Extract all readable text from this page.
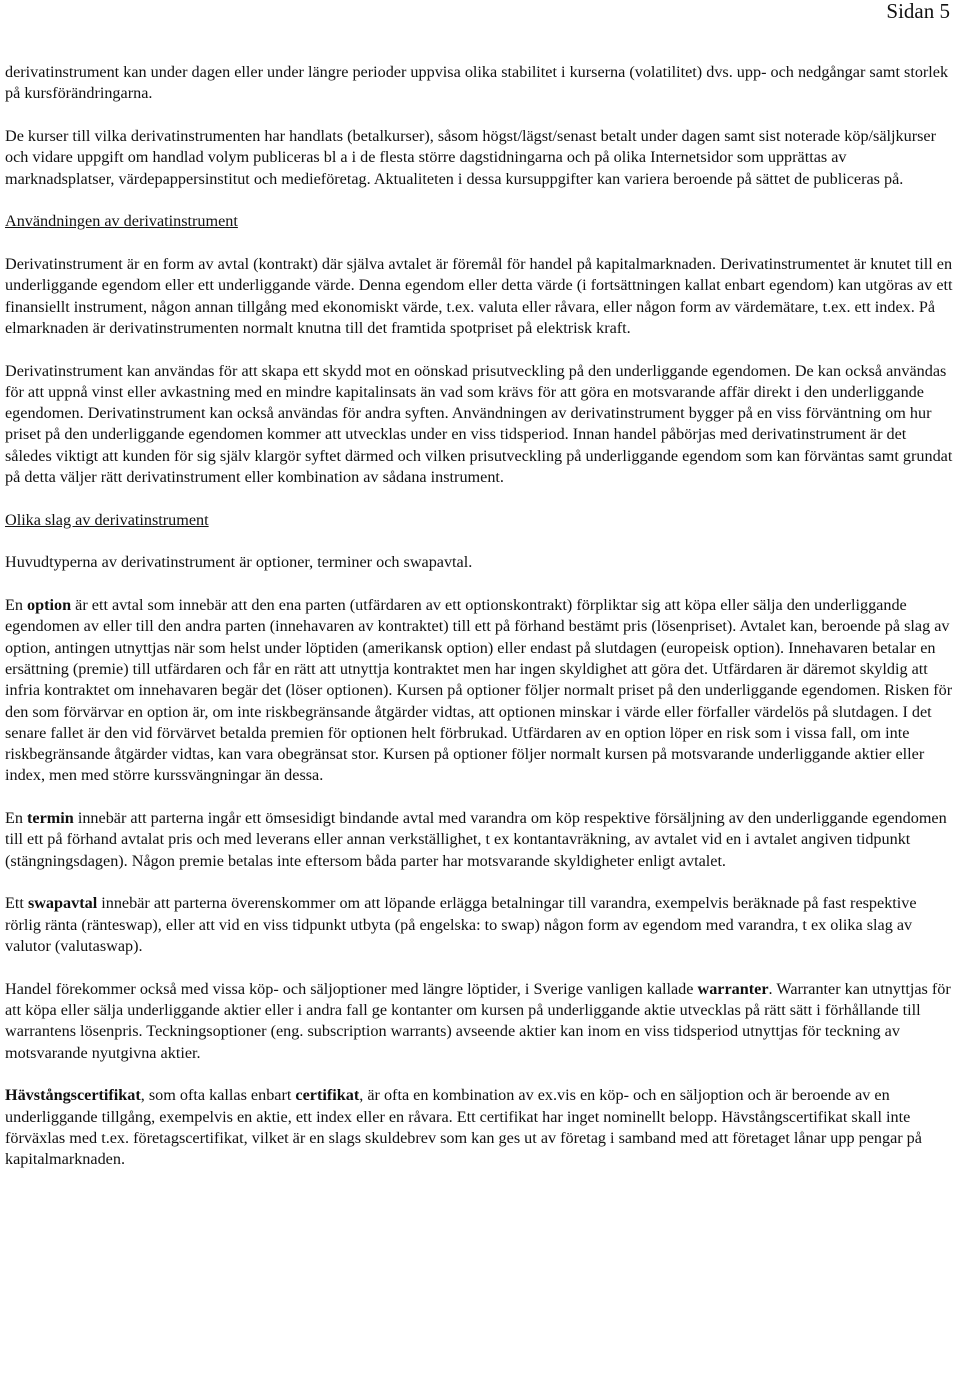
Sidan 5

derivatinstrument kan under dagen eller under längre perioder uppvisa olika stabilitet i kurserna (volatilitet) dvs. upp- och nedgångar samt storlek på kursförändringarna.

De kurser till vilka derivatinstrumenten har handlats (betalkurser), såsom högst/lägst/senast betalt under dagen samt sist noterade köp/säljkurser och vidare uppgift om handlad volym publiceras bl a i de flesta större dagstidningarna och på olika Internetsidor som upprättas av marknadsplatser, värdepappersinstitut och medieföretag. Aktualiteten i dessa kursuppgifter kan variera beroende på sättet de publiceras på.

Användningen av derivatinstrument

Derivatinstrument är en form av avtal (kontrakt) där själva avtalet är föremål för handel på kapitalmarknaden. Derivatinstrumentet är knutet till en underliggande egendom eller ett underliggande värde. Denna egendom eller detta värde (i fortsättningen kallat enbart egendom) kan utgöras av ett finansiellt instrument, någon annan tillgång med ekonomiskt värde, t.ex. valuta eller råvara, eller någon form av värdemätare, t.ex. ett index. På elmarknaden är derivatinstrumenten normalt knutna till det framtida spotpriset på elektrisk kraft.

Derivatinstrument kan användas för att skapa ett skydd mot en oönskad prisutveckling på den underliggande egendomen. De kan också användas för att uppnå vinst eller avkastning med en mindre kapitalinsats än vad som krävs för att göra en motsvarande affär direkt i den underliggande egendomen. Derivatinstrument kan också användas för andra syften. Användningen av derivatinstrument bygger på en viss förväntning om hur priset på den underliggande egendomen kommer att utvecklas under en viss tidsperiod. Innan handel påbörjas med derivatinstrument är det således viktigt att kunden för sig själv klargör syftet därmed och vilken prisutveckling på underliggande egendom som kan förväntas samt grundat på detta väljer rätt derivatinstrument eller kombination av sådana instrument.

Olika slag av derivatinstrument

Huvudtyperna av derivatinstrument är optioner, terminer och swapavtal.

En option är ett avtal som innebär att den ena parten (utfärdaren av ett optionskontrakt) förpliktar sig att köpa eller sälja den underliggande egendomen av eller till den andra parten (innehavaren av kontraktet) till ett på förhand bestämt pris (lösenpriset). Avtalet kan, beroende på slag av option, antingen utnyttjas när som helst under löptiden (amerikansk option) eller endast på slutdagen (europeisk option). Innehavaren betalar en ersättning (premie) till utfärdaren och får en rätt att utnyttja kontraktet men har ingen skyldighet att göra det. Utfärdaren är däremot skyldig att infria kontraktet om innehavaren begär det (löser optionen). Kursen på optioner följer normalt priset på den underliggande egendomen. Risken för den som förvärvar en option är, om inte riskbegränsande åtgärder vidtas, att optionen minskar i värde eller förfaller värdelös på slutdagen. I det senare fallet är den vid förvärvet betalda premien för optionen helt förbrukad. Utfärdaren av en option löper en risk som i vissa fall, om inte riskbegränsande åtgärder vidtas, kan vara obegränsat stor. Kursen på optioner följer normalt kursen på motsvarande underliggande aktier eller index, men med större kurssvängningar än dessa.

En termin innebär att parterna ingår ett ömsesidigt bindande avtal med varandra om köp respektive försäljning av den underliggande egendomen till ett på förhand avtalat pris och med leverans eller annan verkställighet, t ex kontantavräkning, av avtalet vid en i avtalet angiven tidpunkt (stängningsdagen). Någon premie betalas inte eftersom båda parter har motsvarande skyldigheter enligt avtalet.

Ett swapavtal innebär att parterna överenskommer om att löpande erlägga betalningar till varandra, exempelvis beräknade på fast respektive rörlig ränta (ränteswap), eller att vid en viss tidpunkt utbyta (på engelska: to swap) någon form av egendom med varandra, t ex olika slag av valutor (valutaswap).

Handel förekommer också med vissa köp- och säljoptioner med längre löptider, i Sverige vanligen kallade warranter. Warranter kan utnyttjas för att köpa eller sälja underliggande aktier eller i andra fall ge kontanter om kursen på underliggande aktie utvecklas på rätt sätt i förhållande till warrantens lösenpris. Teckningsoptioner (eng. subscription warrants) avseende aktier kan inom en viss tidsperiod utnyttjas för teckning av motsvarande nyutgivna aktier.

Hävstångscertifikat, som ofta kallas enbart certifikat, är ofta en kombination av ex.vis en köp- och en säljoption och är beroende av en underliggande tillgång, exempelvis en aktie, ett index eller en råvara. Ett certifikat har inget nominellt belopp. Hävstångscertifikat skall inte förväxlas med t.ex. företagscertifikat, vilket är en slags skuldebrev som kan ges ut av företag i samband med att företaget lånar upp pengar på kapitalmarknaden.
